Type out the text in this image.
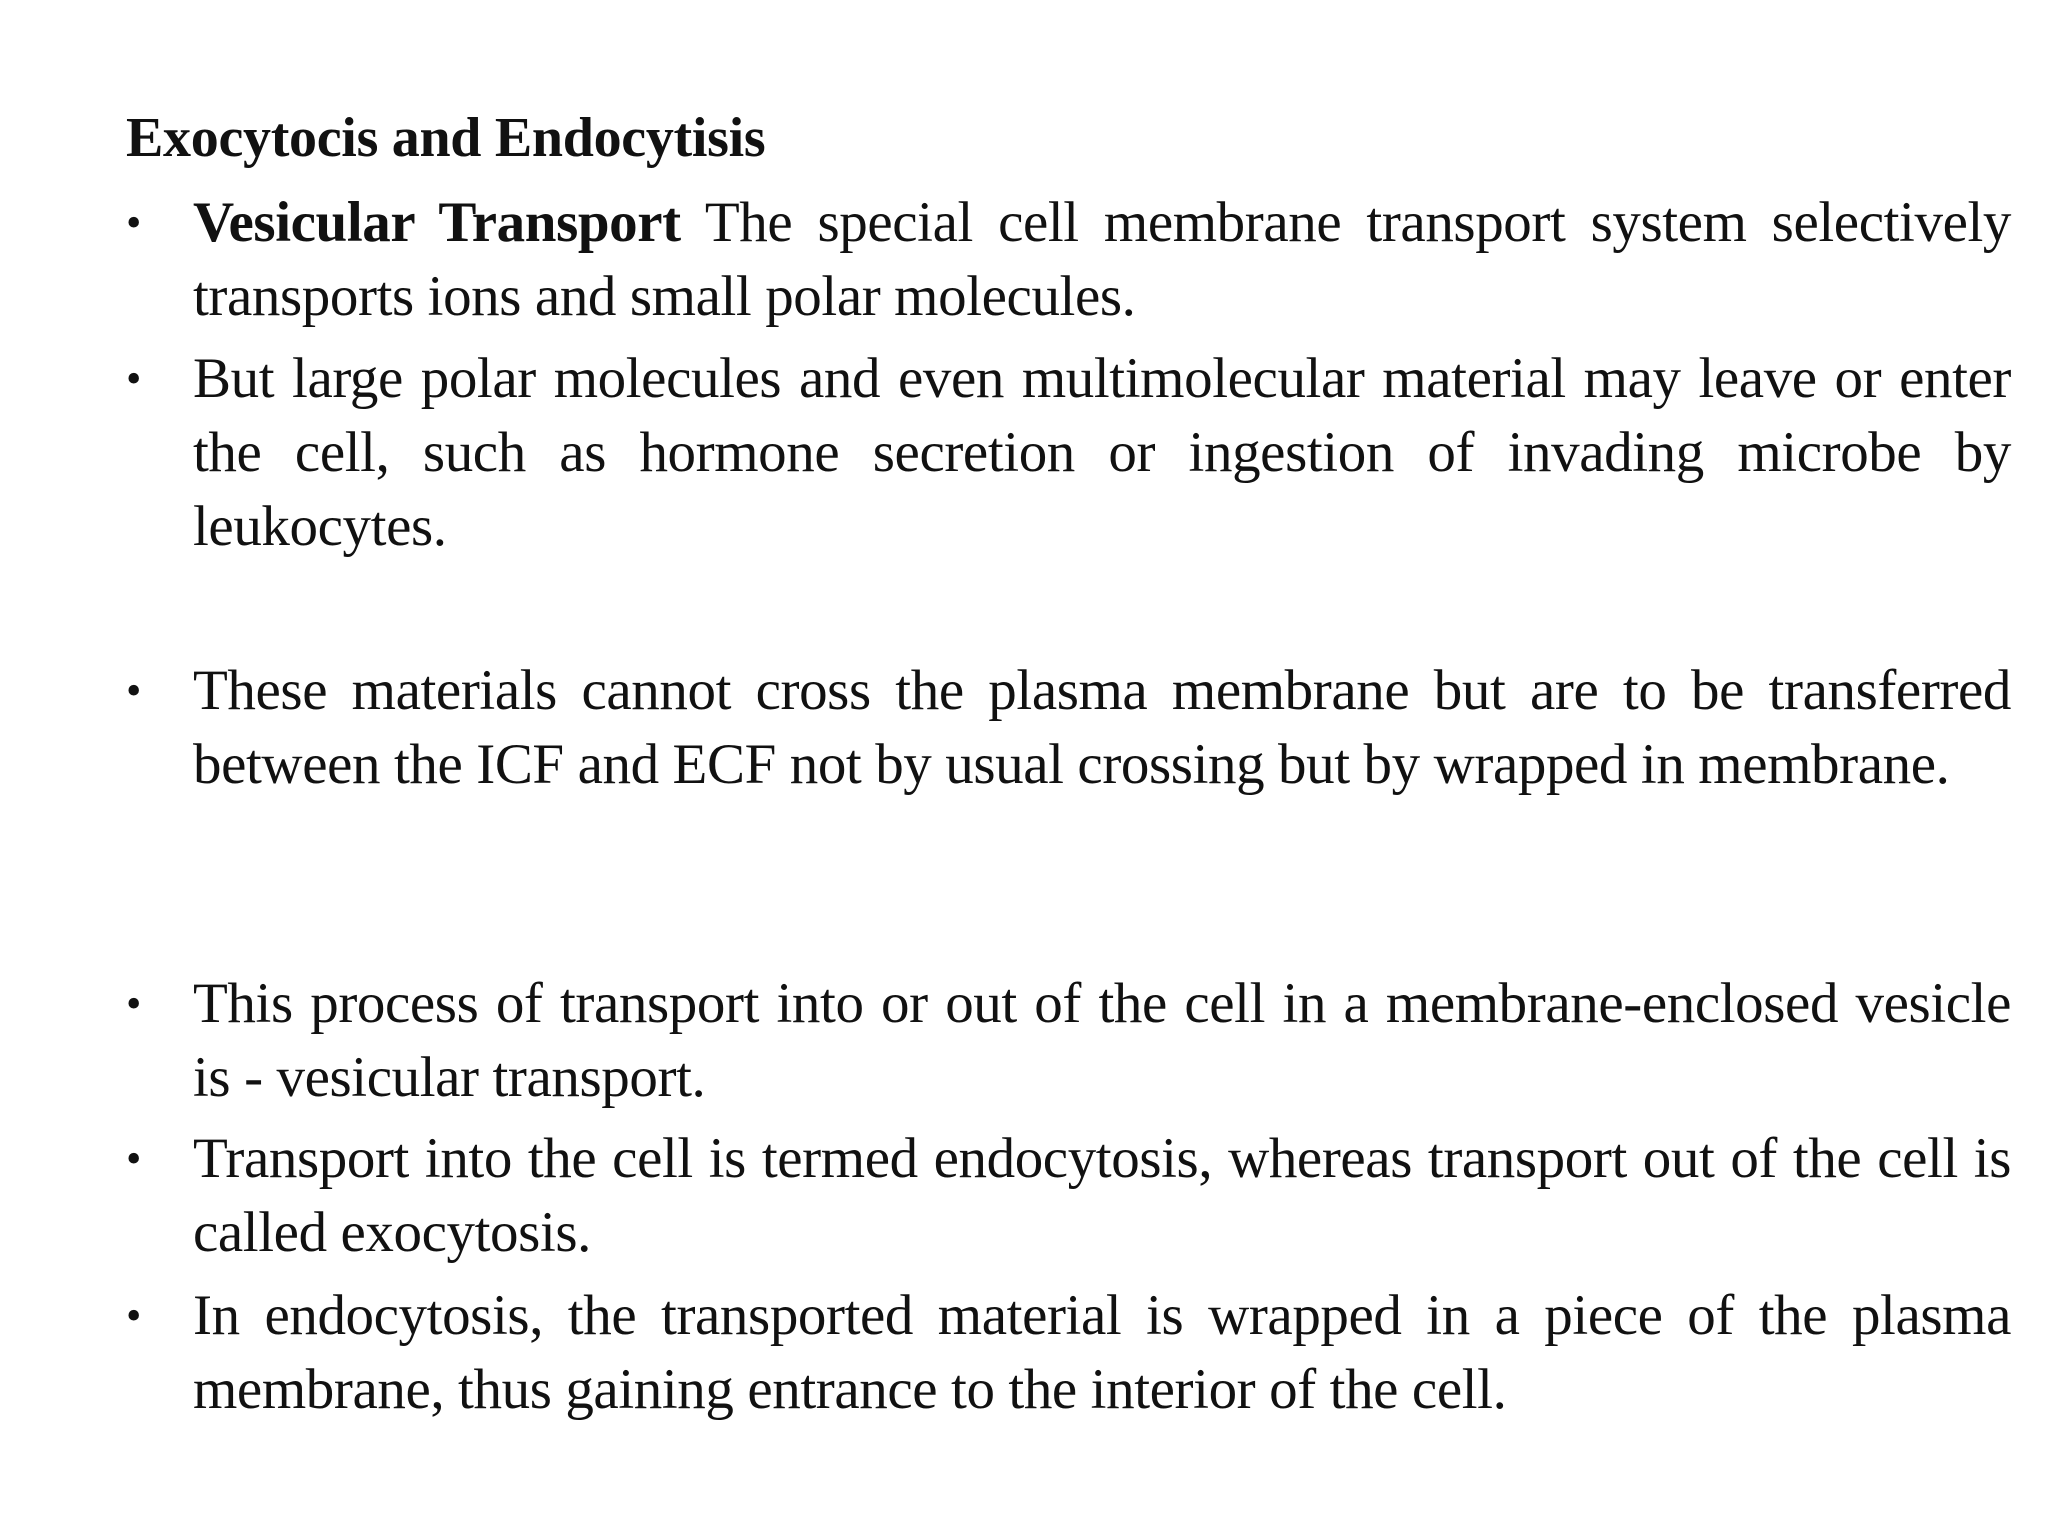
Exocytocis and Endocytisis
• Vesicular Transport The special cell membrane transport system selectively transports ions and small polar molecules.

• But large polar molecules and even multimolecular material may leave or enter the cell, such as hormone secretion or ingestion of invading microbe by leukocytes.

• These materials cannot cross the plasma membrane but are to be transferred between the ICF and ECF not by usual crossing but by wrapped in membrane.

• This process of transport into or out of the cell in a membrane-enclosed vesicle is - vesicular transport.

• Transport into the cell is termed endocytosis, whereas transport out of the cell is called exocytosis.

• In endocytosis, the transported material is wrapped in a piece of the plasma membrane, thus gaining entrance to the interior of the cell.
